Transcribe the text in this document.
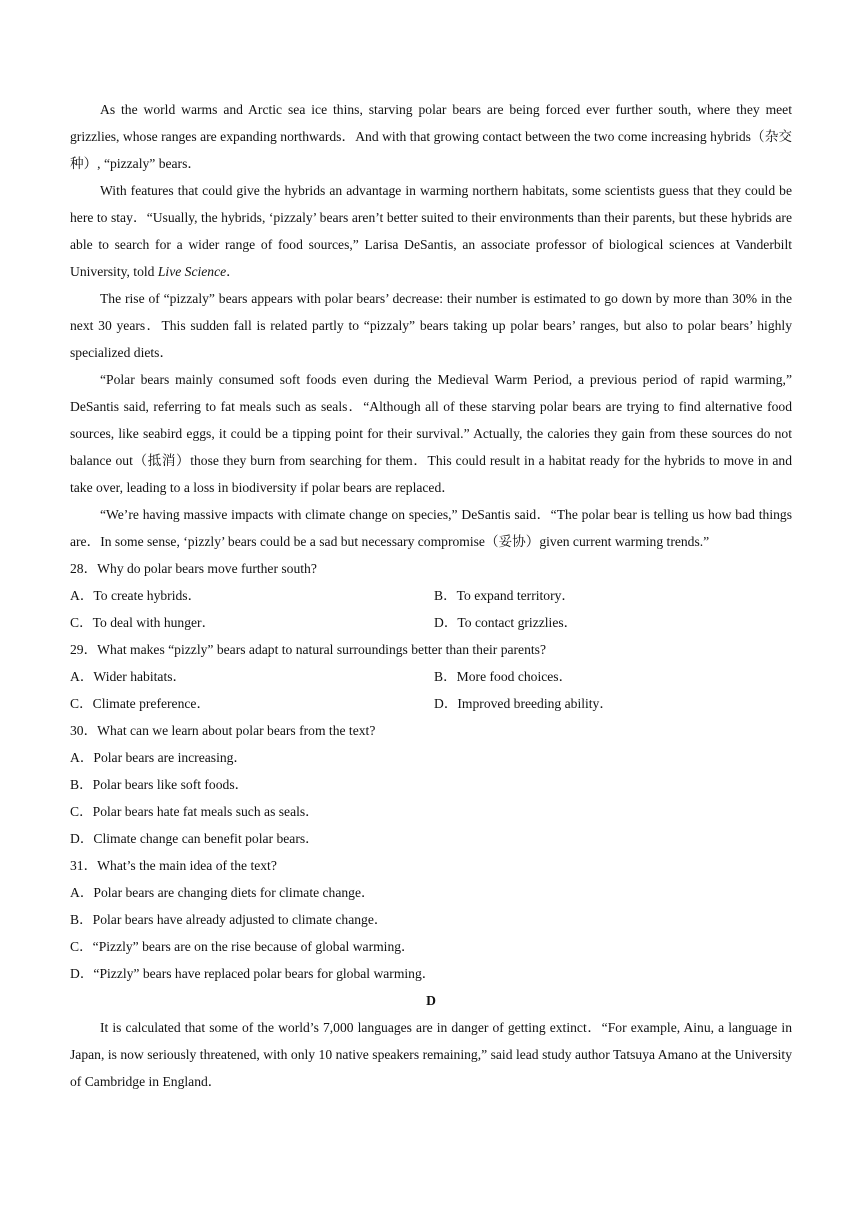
As the world warms and Arctic sea ice thins, starving polar bears are being forced ever further south, where they meet grizzlies, whose ranges are expanding northwards．And with that growing contact between the two come increasing hybrids（杂交种）, “pizzaly” bears．

With features that could give the hybrids an advantage in warming northern habitats, some scientists guess that they could be here to stay．“Usually, the hybrids, ‘pizzaly’ bears aren’t better suited to their environments than their parents, but these hybrids are able to search for a wider range of food sources,” Larisa DeSantis, an associate professor of biological sciences at Vanderbilt University, told Live Science．

The rise of “pizzaly” bears appears with polar bears’ decrease: their number is estimated to go down by more than 30% in the next 30 years．This sudden fall is related partly to “pizzaly” bears taking up polar bears’ ranges, but also to polar bears’ highly specialized diets．

“Polar bears mainly consumed soft foods even during the Medieval Warm Period, a previous period of rapid warming,” DeSantis said, referring to fat meals such as seals．“Although all of these starving polar bears are trying to find alternative food sources, like seabird eggs, it could be a tipping point for their survival.” Actually, the calories they gain from these sources do not balance out（抵消）those they burn from searching for them．This could result in a habitat ready for the hybrids to move in and take over, leading to a loss in biodiversity if polar bears are replaced．

“We’re having massive impacts with climate change on species,” DeSantis said．“The polar bear is telling us how bad things are．In some sense, ‘pizzly’ bears could be a sad but necessary compromise（妥协）given current warming trends.”

28．Why do polar bears move further south?

A．To create hybrids．	B．To expand territory．
C．To deal with hunger．	D．To contact grizzlies．

29．What makes “pizzly” bears adapt to natural surroundings better than their parents?

A．Wider habitats．	B．More food choices．
C．Climate preference．	D．Improved breeding ability．

30．What can we learn about polar bears from the text?

A．Polar bears are increasing．

B．Polar bears like soft foods．

C．Polar bears hate fat meals such as seals．

D．Climate change can benefit polar bears．

31．What’s the main idea of the text?

A．Polar bears are changing diets for climate change．

B．Polar bears have already adjusted to climate change．

C．“Pizzly” bears are on the rise because of global warming．

D．“Pizzly” bears have replaced polar bears for global warming．

D

It is calculated that some of the world’s 7,000 languages are in danger of getting extinct．“For example, Ainu, a language in Japan, is now seriously threatened, with only 10 native speakers remaining,” said lead study author Tatsuya Amano at the University of Cambridge in England．
